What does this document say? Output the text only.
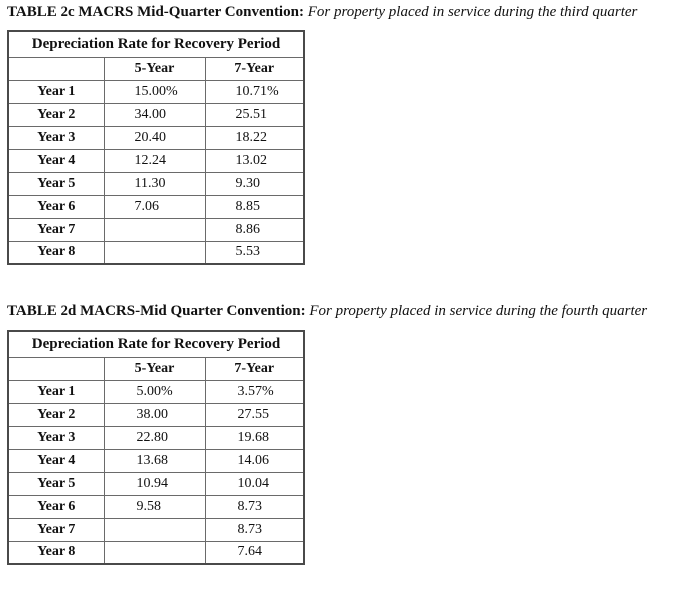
TABLE 2c MACRS Mid-Quarter Convention: For property placed in service during the third quarter
Depreciation Rate for Recovery Period		
	5-Year	7-Year
Year 1	15.00%	10.71%
Year 2	34.00	25.51
Year 3	20.40	18.22
Year 4	12.24	13.02
Year 5	11.30	9.30
Year 6	7.06	8.85
Year 7		8.86
Year 8		5.53
TABLE 2d MACRS-Mid Quarter Convention: For property placed in service during the fourth quarter
Depreciation Rate for Recovery Period		
	5-Year	7-Year
Year 1	5.00%	3.57%
Year 2	38.00	27.55
Year 3	22.80	19.68
Year 4	13.68	14.06
Year 5	10.94	10.04
Year 6	9.58	8.73
Year 7		8.73
Year 8		7.64
